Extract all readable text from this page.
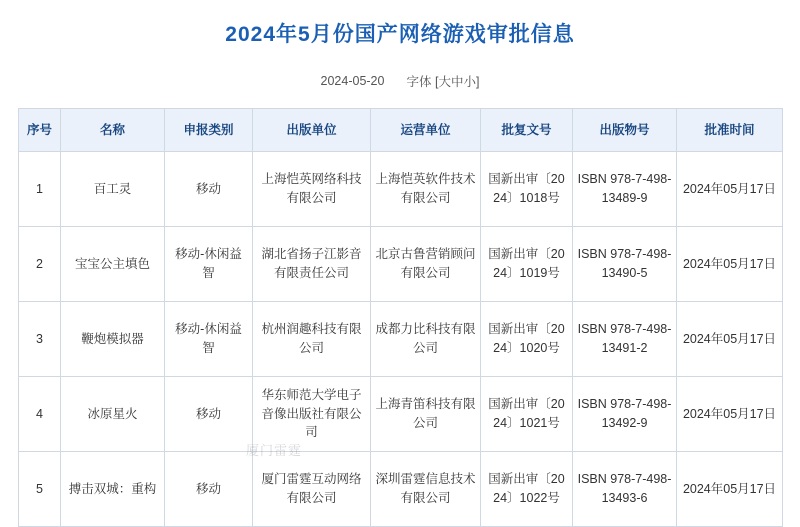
2024年5月份国产网络游戏审批信息
2024-05-20 字体 [大中小]
序号	名称	申报类别	出版单位	运营单位	批复文号	出版物号	批准时间
1	百工灵	移动	上海恺英网络科技有限公司	上海恺英软件技术有限公司	国新出审〔2024〕1018号	ISBN 978-7-498-13489-9	2024年05月17日
2	宝宝公主填色	移动-休闲益智	湖北省扬子江影音有限责任公司	北京古鲁营销顾问有限公司	国新出审〔2024〕1019号	ISBN 978-7-498-13490-5	2024年05月17日
3	鞭炮模拟器	移动-休闲益智	杭州润趣科技有限公司	成都力比科技有限公司	国新出审〔2024〕1020号	ISBN 978-7-498-13491-2	2024年05月17日
4	冰原星火	移动	华东师范大学电子音像出版社有限公司	上海青笛科技有限公司	国新出审〔2024〕1021号	ISBN 978-7-498-13492-9	2024年05月17日
5	搏击双城：重构	移动	厦门雷霆互动网络有限公司	深圳雷霆信息技术有限公司	国新出审〔2024〕1022号	ISBN 978-7-498-13493-6	2024年05月17日
厦门雷霆
